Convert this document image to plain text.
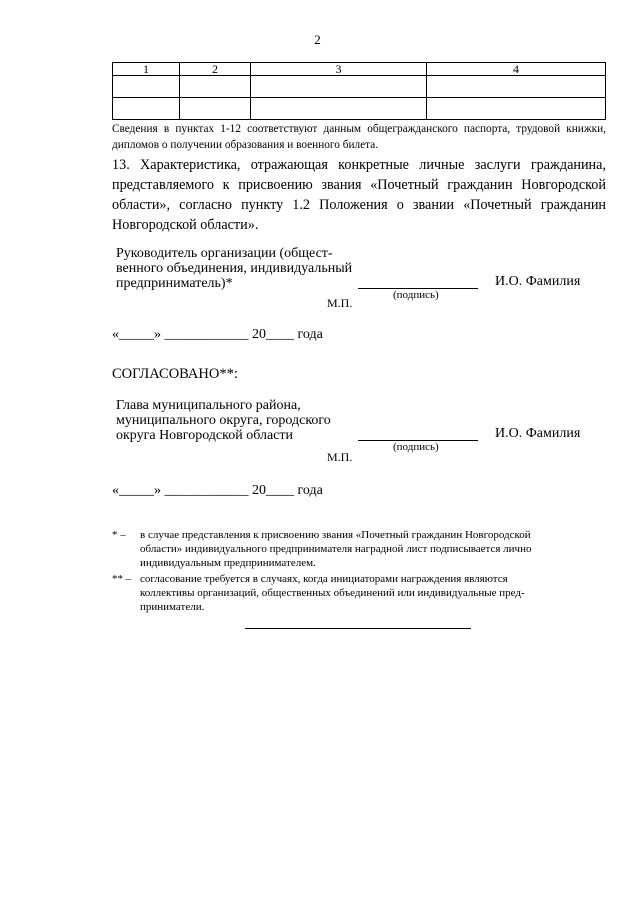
2
1	2	3	4

Сведения в пунктах 1-12 соответствуют данным общегражданского паспорта, трудовой книжки, дипломов о получении образования и военного билета.
13. Характеристика, отражающая конкретные личные заслуги гражданина, представляемого к присвоению звания «Почетный гражданин Новгородской области», согласно пункту 1.2 Положения о звании «Почетный гражданин Новгородской области».
Руководитель организации (общест-
венного объединения, индивидуальный
предприниматель)*
(подпись)
И.О. Фамилия
М.П.
«_____» ____________ 20____ года
СОГЛАСОВАНО**:
Глава муниципального района,
муниципального округа, городского
округа Новгородской области
(подпись)
И.О. Фамилия
М.П.
«_____» ____________ 20____ года
* – в случае представления к присвоению звания «Почетный гражданин Новгородской
области» индивидуального предпринимателя наградной лист подписывается лично
индивидуальным предпринимателем.
** – согласование требуется в случаях, когда инициаторами награждения являются
коллективы организаций, общественных объединений или индивидуальные пред-
приниматели.
